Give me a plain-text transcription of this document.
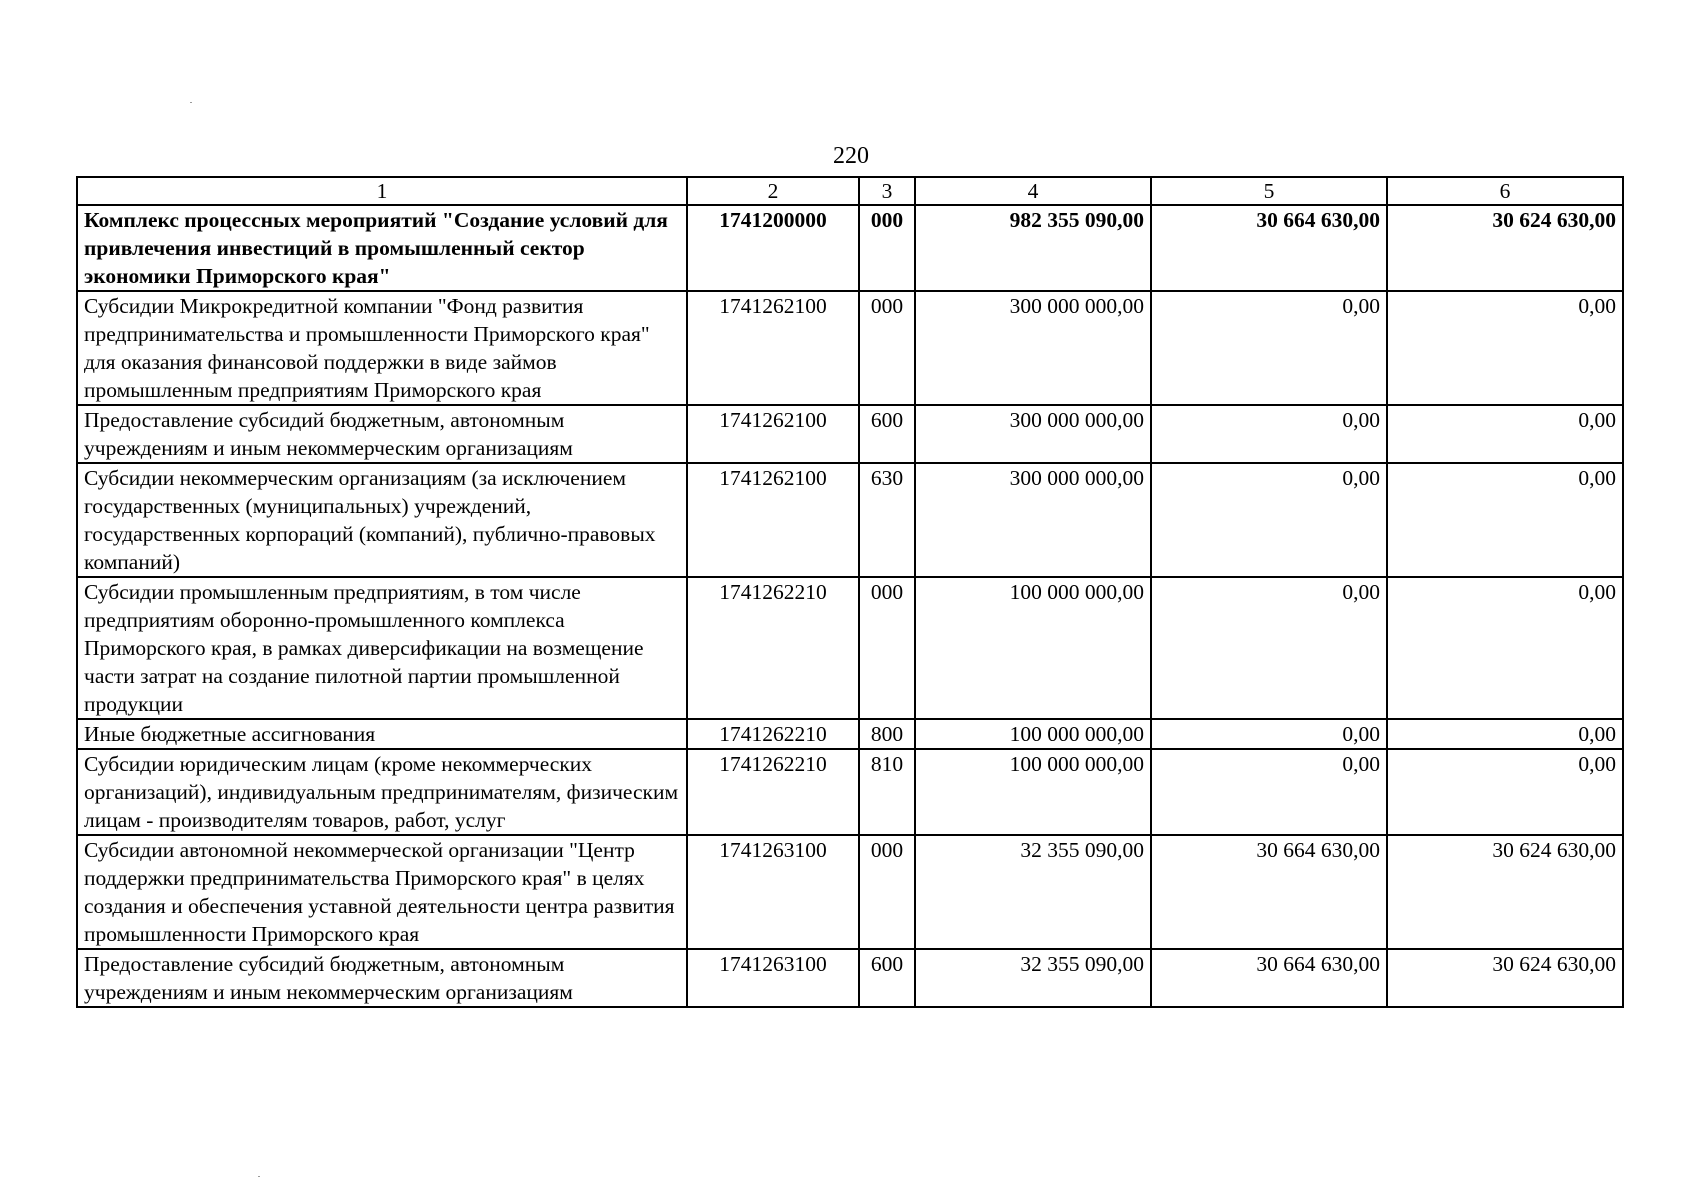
220
1	2	3	4	5	6
Комплекс процессных мероприятий "Создание условий для привлечения инвестиций в промышленный сектор экономики Приморского края"	1741200000	000	982 355 090,00	30 664 630,00	30 624 630,00
Субсидии Микрокредитной компании "Фонд развития предпринимательства и промышленности Приморского края" для оказания финансовой поддержки в виде займов промышленным предприятиям Приморского края	1741262100	000	300 000 000,00	0,00	0,00
Предоставление субсидий бюджетным, автономным учреждениям и иным некоммерческим организациям	1741262100	600	300 000 000,00	0,00	0,00
Субсидии некоммерческим организациям (за исключением государственных (муниципальных) учреждений, государственных корпораций (компаний), публично-правовых компаний)	1741262100	630	300 000 000,00	0,00	0,00
Субсидии промышленным предприятиям, в том числе предприятиям оборонно-промышленного комплекса Приморского края, в рамках диверсификации на возмещение части затрат на создание пилотной партии промышленной продукции	1741262210	000	100 000 000,00	0,00	0,00
Иные бюджетные ассигнования	1741262210	800	100 000 000,00	0,00	0,00
Субсидии юридическим лицам (кроме некоммерческих организаций), индивидуальным предпринимателям, физическим лицам - производителям товаров, работ, услуг	1741262210	810	100 000 000,00	0,00	0,00
Субсидии автономной некоммерческой организации "Центр поддержки предпринимательства Приморского края" в целях создания и обеспечения уставной деятельности центра развития промышленности Приморского края	1741263100	000	32 355 090,00	30 664 630,00	30 624 630,00
Предоставление субсидий бюджетным, автономным учреждениям и иным некоммерческим организациям	1741263100	600	32 355 090,00	30 664 630,00	30 624 630,00
